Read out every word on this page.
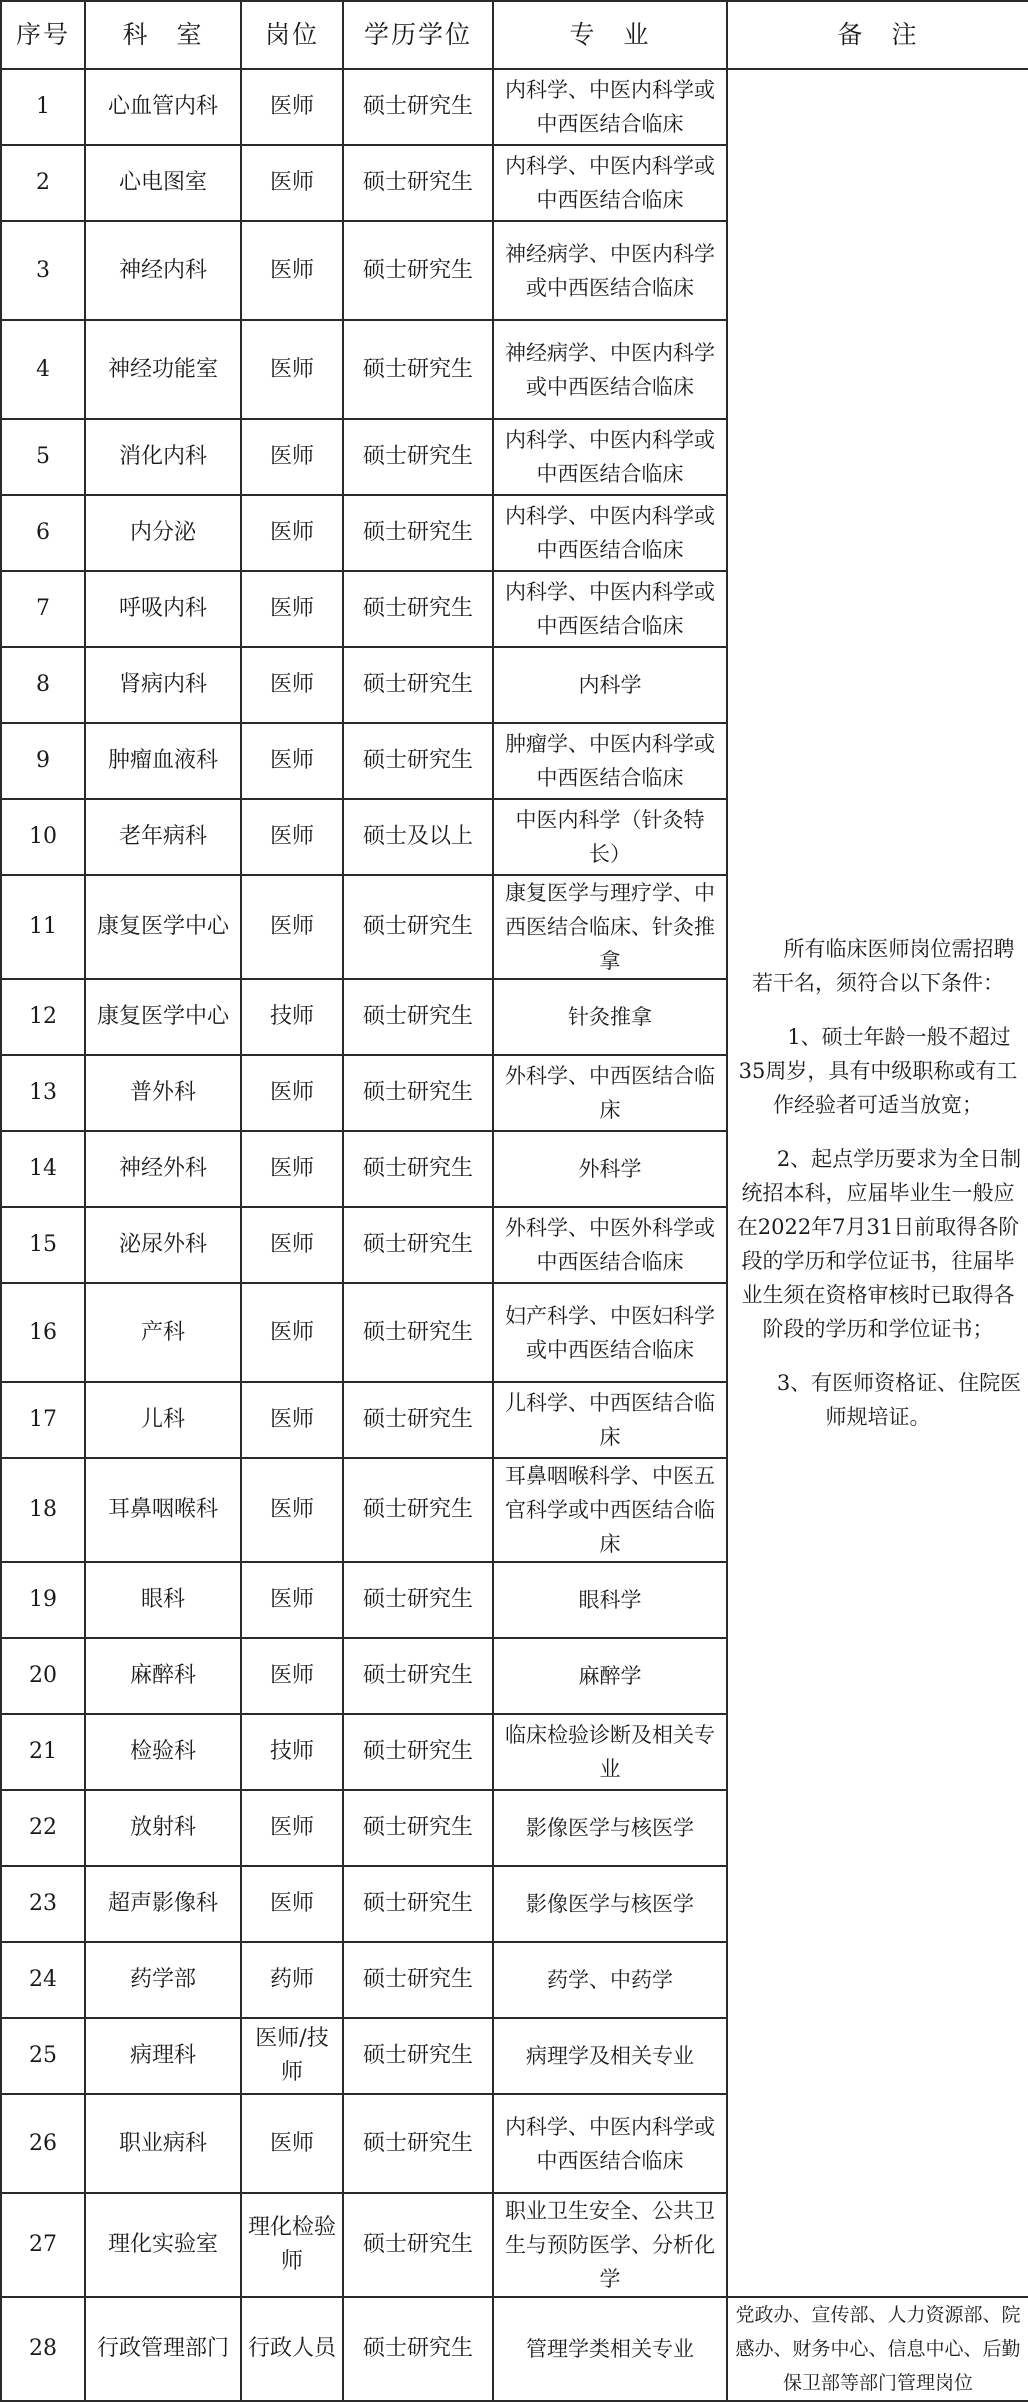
序号	科　室	岗位	学历学位	专　业	备　注
1	心血管内科	医师	硕士研究生	内科学、中医内科学或中西医结合临床	所有临床医师岗位需招聘若干名，须符合以下条件：

1、硕士年龄一般不超过35周岁，具有中级职称或有工作经验者可适当放宽；

2、起点学历要求为全日制统招本科，应届毕业生一般应在2022年7月31日前取得各阶段的学历和学位证书，往届毕业生须在资格审核时已取得各阶段的学历和学位证书；

3、有医师资格证、住院医师规培证。

2	心电图室	医师	硕士研究生	内科学、中医内科学或中西医结合临床	
3	神经内科	医师	硕士研究生	神经病学、中医内科学或中西医结合临床	
4	神经功能室	医师	硕士研究生	神经病学、中医内科学或中西医结合临床	
5	消化内科	医师	硕士研究生	内科学、中医内科学或中西医结合临床	
6	内分泌	医师	硕士研究生	内科学、中医内科学或中西医结合临床	
7	呼吸内科	医师	硕士研究生	内科学、中医内科学或中西医结合临床	
8	肾病内科	医师	硕士研究生	内科学	
9	肿瘤血液科	医师	硕士研究生	肿瘤学、中医内科学或中西医结合临床	
10	老年病科	医师	硕士及以上	中医内科学（针灸特长）	
11	康复医学中心	医师	硕士研究生	康复医学与理疗学、中西医结合临床、针灸推拿	
12	康复医学中心	技师	硕士研究生	针灸推拿	
13	普外科	医师	硕士研究生	外科学、中西医结合临床	
14	神经外科	医师	硕士研究生	外科学	
15	泌尿外科	医师	硕士研究生	外科学、中医外科学或中西医结合临床	
16	产科	医师	硕士研究生	妇产科学、中医妇科学或中西医结合临床	
17	儿科	医师	硕士研究生	儿科学、中西医结合临床	
18	耳鼻咽喉科	医师	硕士研究生	耳鼻咽喉科学、中医五官科学或中西医结合临床	
19	眼科	医师	硕士研究生	眼科学	
20	麻醉科	医师	硕士研究生	麻醉学	
21	检验科	技师	硕士研究生	临床检验诊断及相关专业	
22	放射科	医师	硕士研究生	影像医学与核医学	
23	超声影像科	医师	硕士研究生	影像医学与核医学	
24	药学部	药师	硕士研究生	药学、中药学	
25	病理科	医师/技师	硕士研究生	病理学及相关专业	
26	职业病科	医师	硕士研究生	内科学、中医内科学或中西医结合临床	
27	理化实验室	理化检验师	硕士研究生	职业卫生安全、公共卫生与预防医学、分析化学	
28	行政管理部门	行政人员	硕士研究生	管理学类相关专业	党政办、宣传部、人力资源部、院感办、财务中心、信息中心、后勤保卫部等部门管理岗位
